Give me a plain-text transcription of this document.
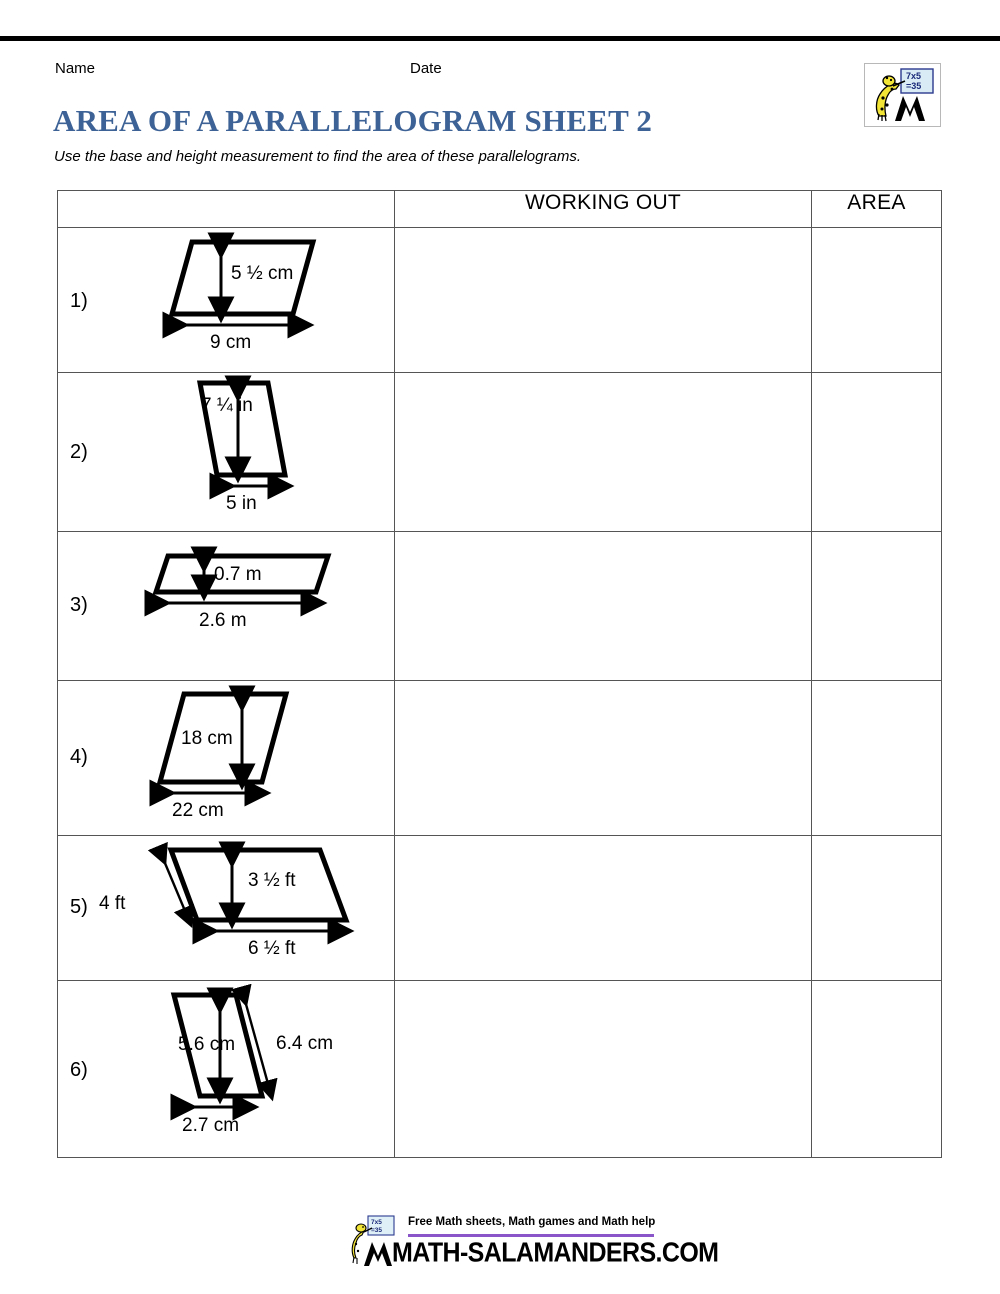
Name	Date	7x5
=35
AREA OF A PARALLELOGRAM SHEET 2
Use the base and height measurement to find the area of these parallelograms.
	WORKING OUT	AREA

1)
5 ½ cm
9 cm		

2)
7 ¼ in
5 in		

3)
0.7 m
2.6 m		

4)
18 cm
22 cm		

5) 4 ft
3 ½ ft
6 ½ ft		

6)
5.6 cm 6.4 cm
2.7 cm		

7x5
=35
Free Math sheets, Math games and Math help
MATH-SALAMANDERS.COM
